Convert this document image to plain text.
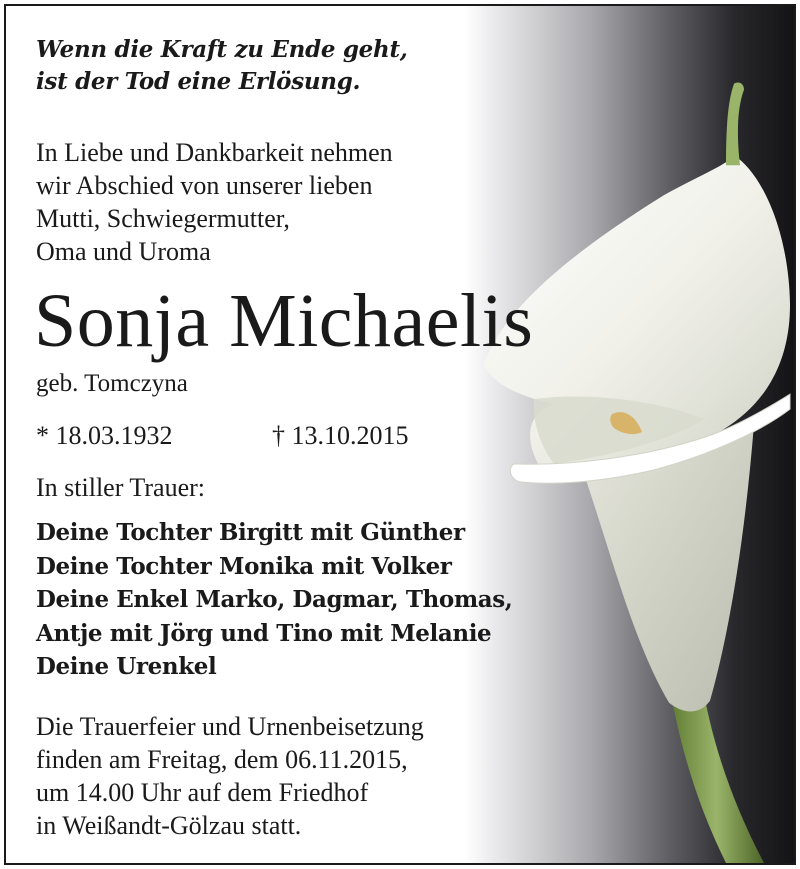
Wenn die Kraft zu Ende geht,
ist der Tod eine Erlösung.
In Liebe und Dankbarkeit nehmen
wir Abschied von unserer lieben
Mutti, Schwiegermutter,
Oma und Uroma
Sonja Michaelis
geb. Tomczyna
* 18.03.1932	† 13.10.2015
In stiller Trauer:
Deine Tochter Birgitt mit Günther
Deine Tochter Monika mit Volker
Deine Enkel Marko, Dagmar, Thomas,
Antje mit Jörg und Tino mit Melanie
Deine Urenkel
Die Trauerfeier und Urnenbeisetzung
finden am Freitag, dem 06.11.2015,
um 14.00 Uhr auf dem Friedhof
in Weißandt-Gölzau statt.
